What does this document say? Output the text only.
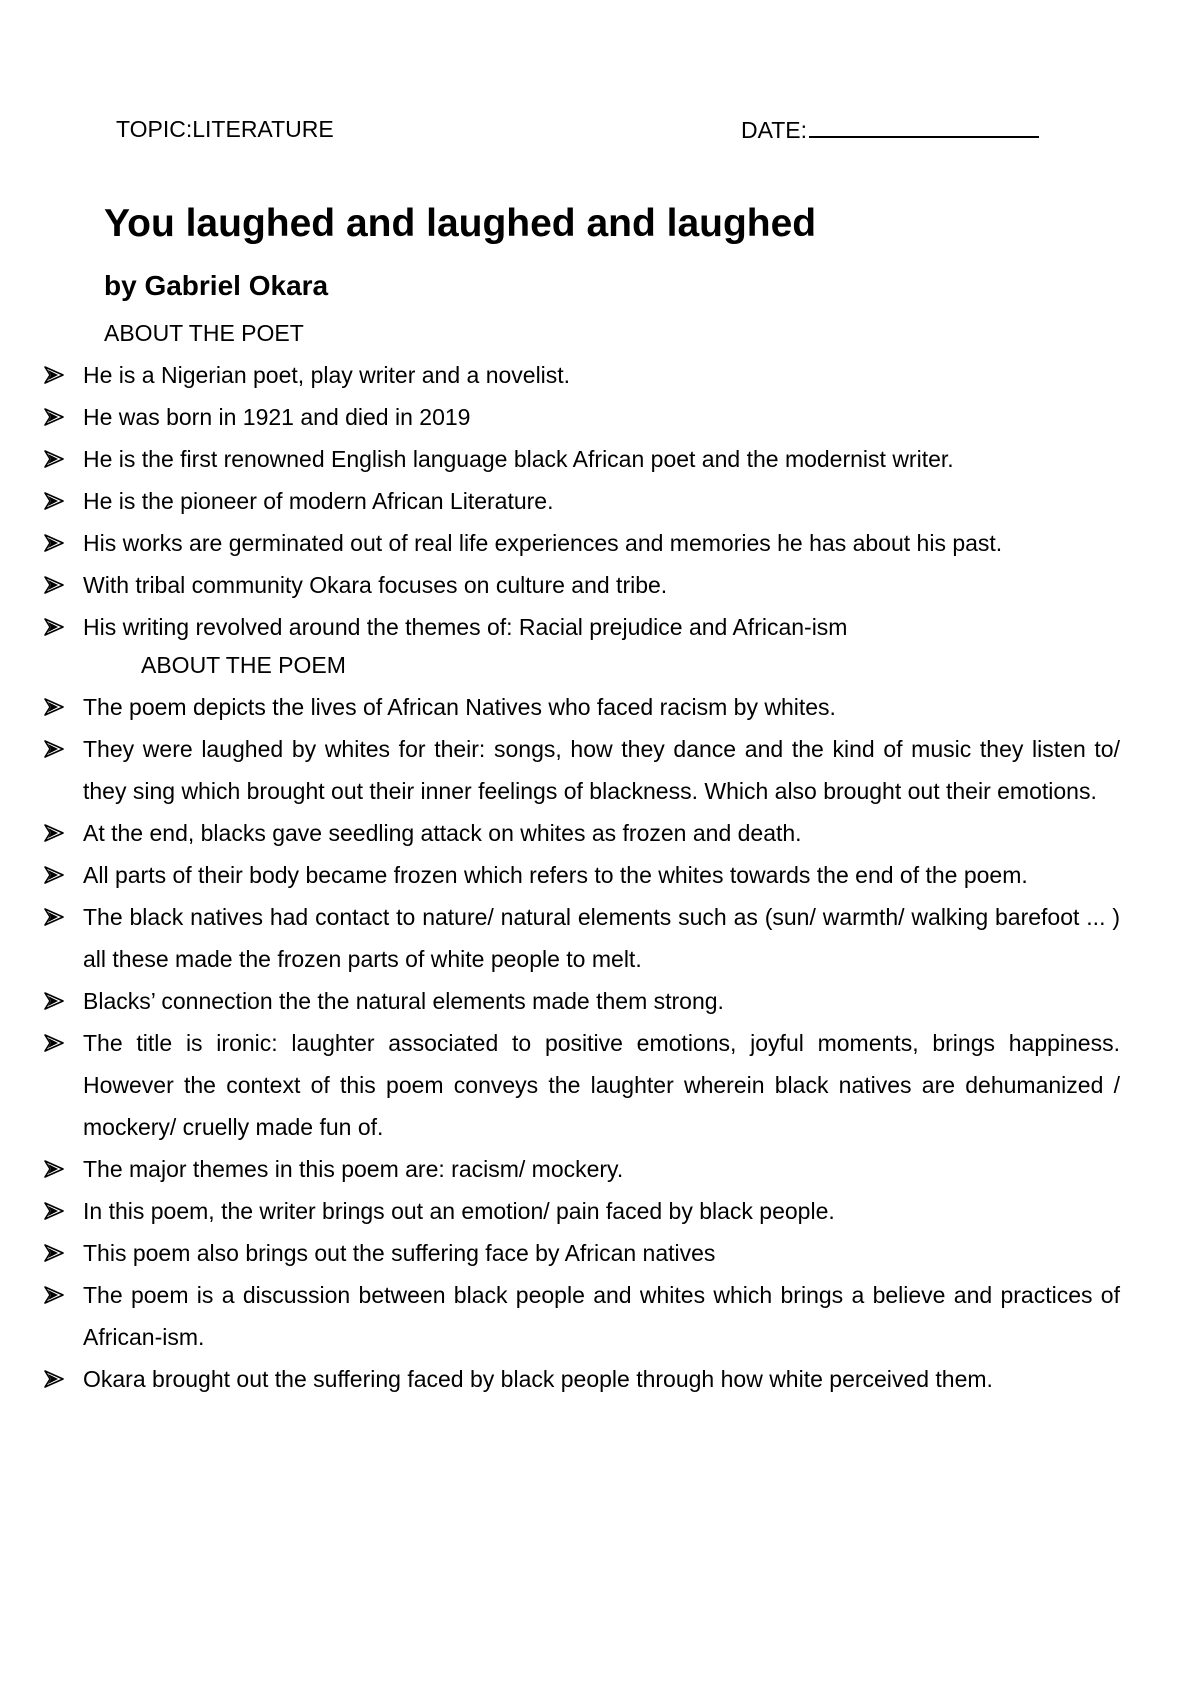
TOPIC:LITERATURE	DATE:
You laughed and laughed and laughed
by Gabriel Okara
ABOUT THE POET
He is a Nigerian poet, play writer and a novelist.
He was born in 1921 and died in 2019
He is the first renowned English language black African poet and the modernist writer.
He is the pioneer of modern African Literature.
His works are germinated out of real life experiences and memories he has about his past.
With tribal community Okara focuses on culture and tribe.
His writing revolved around the themes of: Racial prejudice and African-ism
ABOUT THE POEM
The poem depicts the lives of African Natives who faced racism by whites.
They were laughed by whites for their: songs, how they dance and the kind of music they listen to/ they sing which brought out their inner feelings of blackness. Which also brought out their emotions.
At the end, blacks gave seedling attack on whites as frozen and death.
All parts of their body became frozen which refers to the whites towards the end of the poem.
The black natives had contact to nature/ natural elements such as (sun/ warmth/ walking barefoot ... ) all these made the frozen parts of white people to melt.
Blacks’ connection the the natural elements made them strong.
The title is ironic: laughter associated to positive emotions, joyful moments, brings happiness. However the context of this poem conveys the laughter wherein black natives are dehumanized / mockery/ cruelly made fun of.
The major themes in this poem are: racism/ mockery.
In this poem, the writer brings out an emotion/ pain faced by black people.
This poem also brings out the suffering face by African natives
The poem is a discussion between black people and whites which brings a believe and practices of African-ism.
Okara brought out the suffering faced by black people through how white perceived them.
